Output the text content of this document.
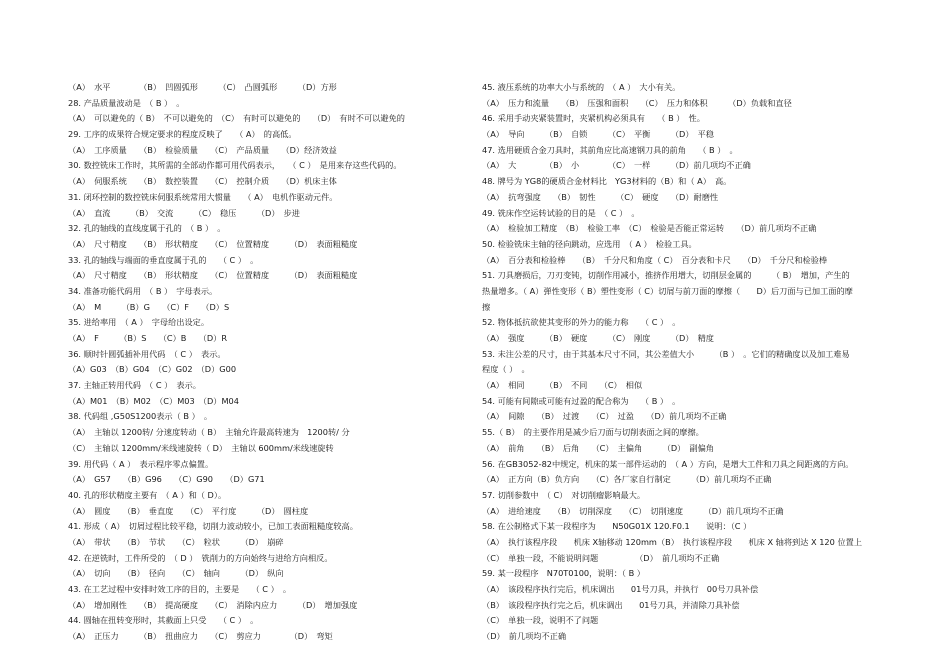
（A）　水平　　　　（B）　凹圆弧形　　　（C）　凸圆弧形　　　（D）方形
28. 产品质量波动是　（ B ）　。
（A）　可以避免的（ B）　不可以避免的　（C）　有时可以避免的　　（D）　有时不可以避免的
29. 工序的成果符合规定要求的程度反映了　　（ A）　的高低。
（A）　工序质量　　（B）　检验质量　　（C）　产品质量　　（D）经济效益
30. 数控铣床工作时，其所需的全部动作都可用代码表示，　　（ C ）　是用来存这些代码的。
（A）　伺服系统　　（B）　数控装置　　（C）　控制介质　　（D）机床主体
31. 闭环控制的数控铣床伺服系统常用大惯量　　（ A）　电机作驱动元件。
（A）　直流　　　（B）　交流　　　（C）　稳压　　　（D）　步进
32. 孔的轴线的直线度属于孔的　（ B ）　。
（A）　尺寸精度　　（B）　形状精度　　（C）　位置精度　　　（D）　表面粗糙度
33. 孔的轴线与端面的垂直度属于孔的　　（ C ）　。
（A）　尺寸精度　　（B）　形状精度　　（C）　位置精度　　　（D）　表面粗糙度
34. 准备功能代码用　（ B ）　字母表示。
（A）　M　　　（B）G　　（C）F　　（D）S
35. 进给率用　（ A ）　字母给出设定。
（A）　F　　　（B）S　　（C）B　　（D）R
36. 顺时针圆弧插补用代码　（ C ）　表示。
（A）G03　（B）G04　（C）G02　（D）G00
37. 主轴正转用代码　（ C ）　表示。
（A）M01　（B）M02　（C）M03　（D）M04
38. 代码组 ,G50S1200表示（ B ）　。
（A）　主轴以 1200转/ 分速度转动（ B）　主轴允许最高转速为　1200转/ 分
（C）　主轴以 1200mm/米线速旋转（ D）　主轴以 600mm/米线速旋转
39. 用代码（ A ）　表示程序零点偏置。
（A）　G57　　（B）G96　　（C）G90　　（D）G71
40. 孔的形状精度主要有　（ A ）和（ D）。
（A）　圆度　　（B）　垂直度　　（C）　平行度　　　（D）　圆柱度
41. 形成（ A）　切屑过程比较平稳，切削力波动较小，已加工表面粗糙度较高。
（A）　带状　　（B）　节状　　（C）　粒状　　　（D）　崩碎
42. 在逆铣时，工件所受的　（ D ）　铣削力的方向始终与进给方向相反。
（A）　切向　　（B）　径向　　（C）　轴向　　　（D）　纵向
43. 在工艺过程中安排时效工序的目的，主要是　　（ C ）　。
（A）　增加刚性　　（B）　提高硬度　　（C）　消除内应力　　　（D）　增加强度
44. 圆轴在扭转变形时，其截面上只受　　（ C ）　。
（A）　正压力　　　（B）　扭曲应力　　（C）　剪应力　　　　（D）　弯矩
45. 液压系统的功率大小与系统的　（ A ）　大小有关。
（A）　压力和流量　　（B）　压强和面积　　（C）　压力和体积　　　（D）负载和直径
46. 采用手动夹紧装置时，夹紧机构必须具有　　（ B ）　性。
（A）　导向　　　（B）　自锁　　　（C）　平衡　　　（D）　平稳
47. 选用硬质合金刀具时，其前角应比高速钢刀具的前角　　（ B ）　。
（A）　大　　　　（B）　小　　　　（C）　一样　　　（D）前几项均不正确
48. 牌号为 YG8的硬质合金材料比　YG3材料的（B）和（ A）　高。
（A）　抗弯强度　　（B）　韧性　　　（C）　硬度　　（D）耐磨性
49. 铣床作空运转试验的目的是　（ C ）　。
（A）　检验加工精度　（B）　检验工率　（C）　检验是否能正常运转　　（D）前几项均不正确
50. 检验铣床主轴的径向跳动，应选用　（ A ）　检验工具。
（A）　百分表和检验棒　　（B）　千分尺和角度（ C）　百分表和卡尺　　（D）　千分尺和检验棒
51. 刀具磨损后，刀刃变钝，切削作用减小，推挤作用增大，切削层金属的　　　（ B）　增加，产生的
热量增多。（ A）弹性变形（ B）塑性变形（ C）切屑与前刀面的摩擦（　　D）后刀面与已加工面的摩
擦
52. 物体抵抗欲使其变形的外力的能力称　　（ C ）　。
（A）　强度　　　（B）　硬度　　　（C）　刚度　　　（D）　精度
53. 未注公差的尺寸，由于其基本尺寸不同，其公差值大小　　　（B ）　。它们的精确度以及加工难易
程度（ ）　。
（A）　相同　　　（B）　不同　　（C）　相似
54. 可能有间隙或可能有过盈的配合称为　　（ B ）　。
（A）　间隙　　（B）　过渡　　（C）　过盈　　（D）前几项均不正确
55.（ B）　的主要作用是减少后刀面与切削表面之间的摩擦。
（A）　前角　　（B）　后角　　（C）　主偏角　　　（D）　副偏角
56. 在GB3052-82中规定，机床的某一部件运动的　（ A ）方向，是增大工件和刀具之间距离的方向。
（A）　正方向（B）负方向　　（C）各厂家自行制定　　　（D）前几项均不正确
57. 切削参数中　（ C）　对切削瘤影响最大。
（A）　进给速度　　（B）　切削深度　　（C）　切削速度　　　（D）前几项均不正确
58. 在公制格式下某一段程序为　　N50G01X 120.F0.1　　说明：（C ）
（A）　执行该程序段　　机床 X轴移动 120mm（B）　执行该程序段　　机床 X 轴将到达 X 120 位置上
（C）　单独一段，不能说明问题　　　　　（D）　前几项均不正确
59. 某一段程序　N70T0100，说明：（ B ）
（A）　该段程序执行完后，机床调出　　01号刀具，并执行　00号刀具补偿
（B）　该段程序执行完之后，机床调出　　01号刀具，并清除刀具补偿
（C）　单独一段，说明不了问题
（D）　前几项均不正确
